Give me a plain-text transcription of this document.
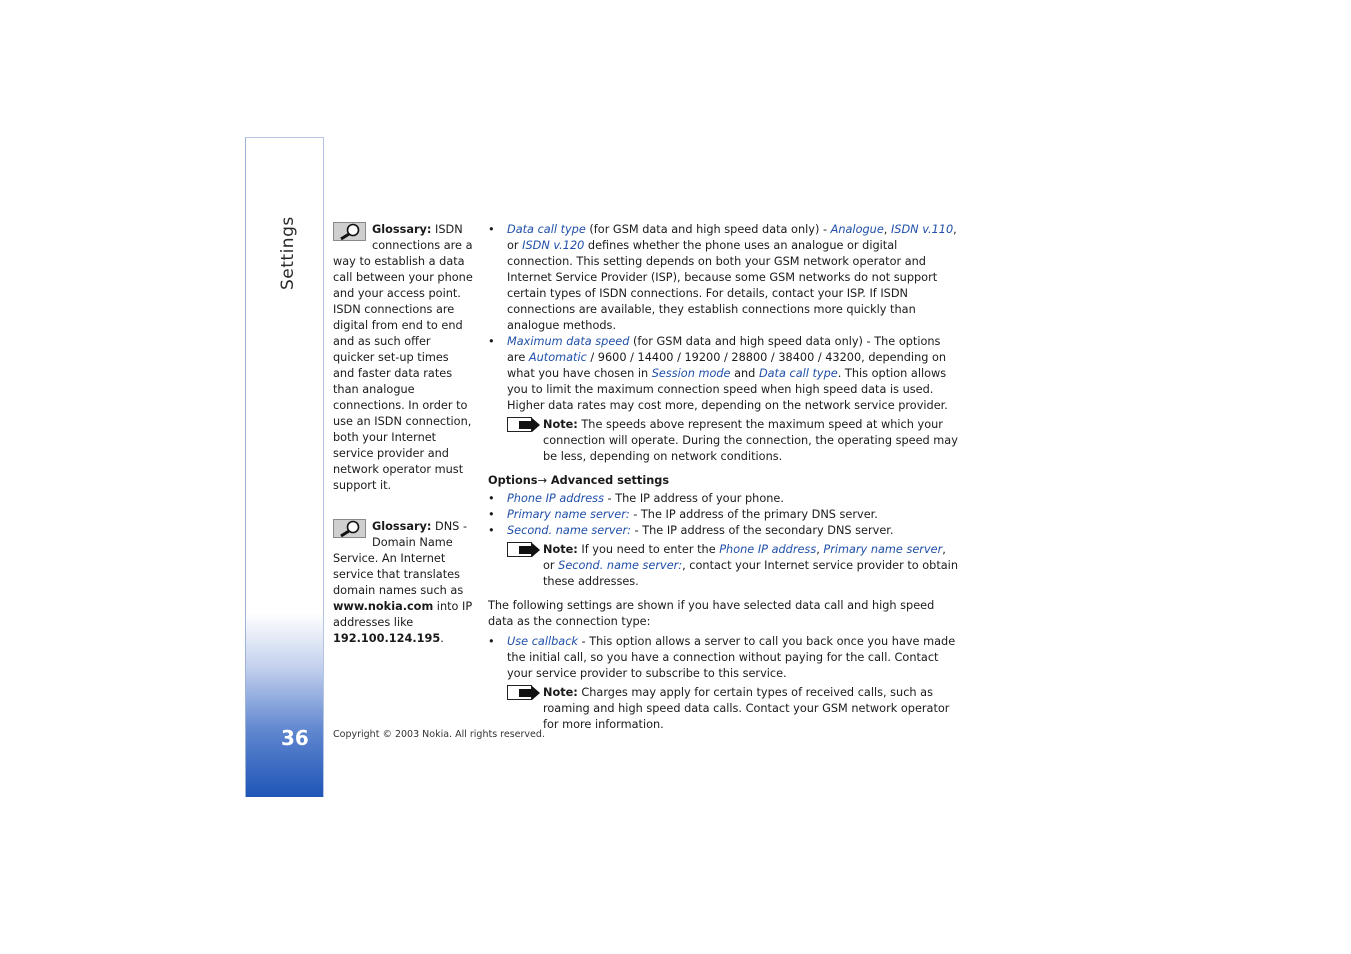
Settings
36
Glossary: ISDN connections are a way to establish a data call between your phone and your access point. ISDN connections are digital from end to end and as such offer quicker set-up times and faster data rates than analogue connections. In order to use an ISDN connection, both your Internet service provider and network operator must support it.
Glossary: DNS - Domain Name Service. An Internet service that translates domain names such as www.nokia.com into IP addresses like 192.100.124.195.
• Data call type (for GSM data and high speed data only) - Analogue, ISDN v.110, or ISDN v.120 defines whether the phone uses an analogue or digital connection. This setting depends on both your GSM network operator and Internet Service Provider (ISP), because some GSM networks do not support certain types of ISDN connections. For details, contact your ISP. If ISDN connections are available, they establish connections more quickly than analogue methods.
• Maximum data speed (for GSM data and high speed data only) - The options are Automatic / 9600 / 14400 / 19200 / 28800 / 38400 / 43200, depending on what you have chosen in Session mode and Data call type. This option allows you to limit the maximum connection speed when high speed data is used. Higher data rates may cost more, depending on the network service provider.
Note: The speeds above represent the maximum speed at which your connection will operate. During the connection, the operating speed may be less, depending on network conditions.
Options→ Advanced settings
• Phone IP address - The IP address of your phone.
• Primary name server: - The IP address of the primary DNS server.
• Second. name server: - The IP address of the secondary DNS server.
Note: If you need to enter the Phone IP address, Primary name server, or Second. name server:, contact your Internet service provider to obtain these addresses.

The following settings are shown if you have selected data call and high speed data as the connection type:

• Use callback - This option allows a server to call you back once you have made the initial call, so you have a connection without paying for the call. Contact your service provider to subscribe to this service.
Note: Charges may apply for certain types of received calls, such as roaming and high speed data calls. Contact your GSM network operator for more information.
Copyright © 2003 Nokia. All rights reserved.
